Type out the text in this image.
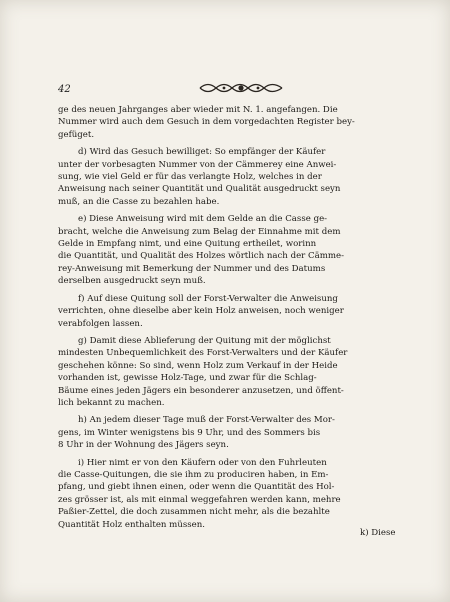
42
ge des neuen Jahrganges aber wieder mit N. 1. angefangen. Die
Nummer wird auch dem Gesuch in dem vorgedachten Register bey-
gefüget.
d) Wird das Gesuch bewilliget: So empfänger der Käufer
unter der vorbesagten Nummer von der Cämmerey eine Anwei-
sung, wie viel Geld er für das verlangte Holz, welches in der
Anweisung nach seiner Quantität und Qualität ausgedruckt seyn
muß, an die Casse zu bezahlen habe.
e) Diese Anweisung wird mit dem Gelde an die Casse ge-
bracht, welche die Anweisung zum Belag der Einnahme mit dem
Gelde in Empfang nimt, und eine Quitung ertheilet, worinn
die Quantität, und Qualität des Holzes wörtlich nach der Cämme-
rey-Anweisung mit Bemerkung der Nummer und des Datums
derselben ausgedruckt seyn muß.
f) Auf diese Quitung soll der Forst-Verwalter die Anweisung
verrichten, ohne dieselbe aber kein Holz anweisen, noch weniger
verabfolgen lassen.
g) Damit diese Ablieferung der Quitung mit der möglichst
mindesten Unbequemlichkeit des Forst-Verwalters und der Käufer
geschehen könne: So sind, wenn Holz zum Verkauf in der Heide
vorhanden ist, gewisse Holz-Tage, und zwar für die Schlag-
Bäume eines jeden Jägers ein besonderer anzusetzen, und öffent-
lich bekannt zu machen.
h) An jedem dieser Tage muß der Forst-Verwalter des Mor-
gens, im Winter wenigstens bis 9 Uhr, und des Sommers bis
8 Uhr in der Wohnung des Jägers seyn.
i) Hier nimt er von den Käufern oder von den Fuhrleuten
die Casse-Quitungen, die sie ihm zu produciren haben, in Em-
pfang, und giebt ihnen einen, oder wenn die Quantität des Hol-
zes grösser ist, als mit einmal weggefahren werden kann, mehre
Paßier-Zettel, die doch zusammen nicht mehr, als die bezahlte
Quantität Holz enthalten müssen.
k) Diese
